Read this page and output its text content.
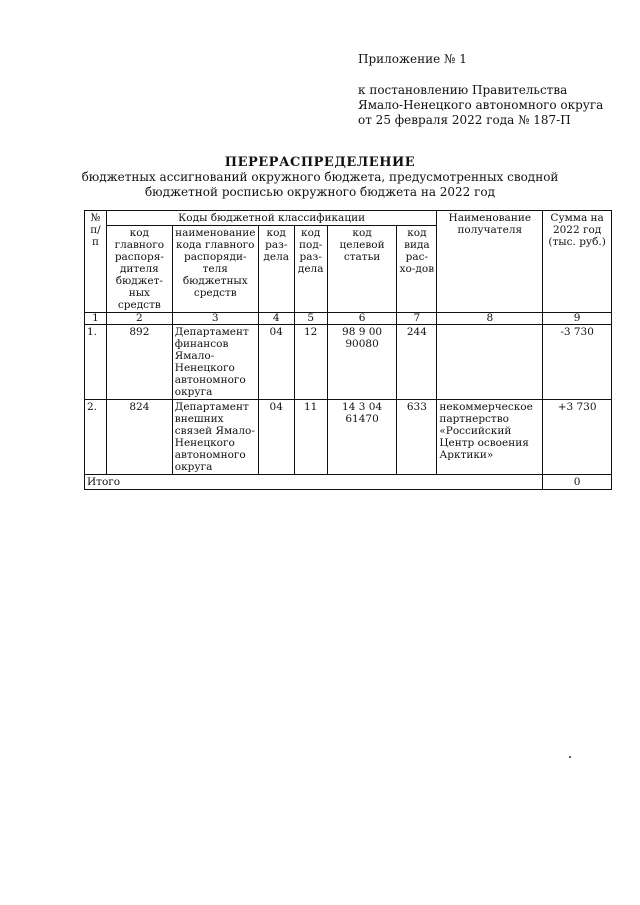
Приложение № 1
к постановлению Правительства
Ямало-Ненецкого автономного округа
от 25 февраля 2022 года № 187-П
ПЕРЕРАСПРЕДЕЛЕНИЕ
бюджетных ассигнований окружного бюджета, предусмотренных сводной
бюджетной росписью окружного бюджета на 2022 год
№ п/п	Коды бюджетной классификации						Наименование получателя	Сумма на 2022 год (тыс. руб.)
	код главного распоря-дителя бюджет-ных средств	наименование кода главного распоряди-теля бюджетных средств	код раз-дела	код под-раз-дела	код целевой статьи	код вида рас-хо-дов		
1	2	3	4	5	6	7	8	9
1.	892	Департамент финансов Ямало-Ненецкого автономного округа	04	12	98 9 00 90080	244		-3 730
2.	824	Департамент внешних связей Ямало-Ненецкого автономного округа	04	11	14 3 04 61470	633	некоммерческое партнерство «Российский Центр освоения Арктики»	+3 730
Итого								0
